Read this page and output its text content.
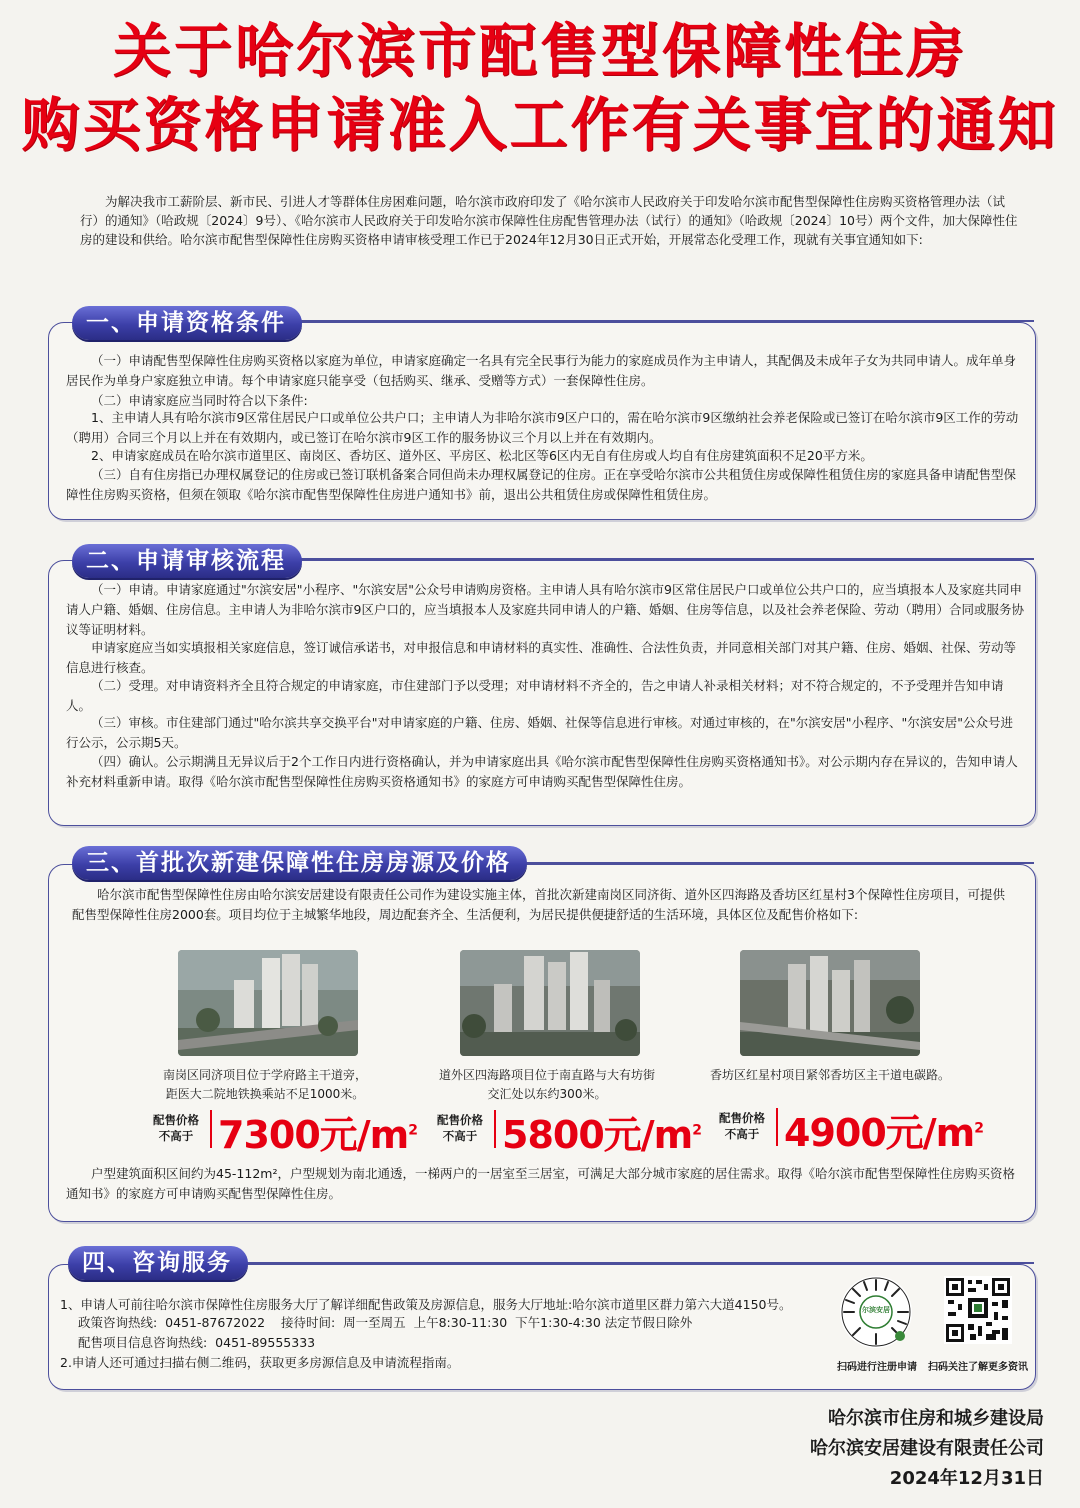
关于哈尔滨市配售型保障性住房
购买资格申请准入工作有关事宜的通知
为解决我市工薪阶层、新市民、引进人才等群体住房困难问题，哈尔滨市政府印发了《哈尔滨市人民政府关于印发哈尔滨市配售型保障性住房购买资格管理办法（试行）的通知》（哈政规〔2024〕9号）、《哈尔滨市人民政府关于印发哈尔滨市保障性住房配售管理办法（试行）的通知》（哈政规〔2024〕10号）两个文件，加大保障性住房的建设和供给。哈尔滨市配售型保障性住房购买资格申请审核受理工作已于2024年12月30日正式开始，开展常态化受理工作，现就有关事宜通知如下:
一、申请资格条件
（一）申请配售型保障性住房购买资格以家庭为单位，申请家庭确定一名具有完全民事行为能力的家庭成员作为主申请人，其配偶及未成年子女为共同申请人。成年单身居民作为单身户家庭独立申请。每个申请家庭只能享受（包括购买、继承、受赠等方式）一套保障性住房。
（二）申请家庭应当同时符合以下条件:
1、主申请人具有哈尔滨市9区常住居民户口或单位公共户口；主申请人为非哈尔滨市9区户口的，需在哈尔滨市9区缴纳社会养老保险或已签订在哈尔滨市9区工作的劳动（聘用）合同三个月以上并在有效期内，或已签订在哈尔滨市9区工作的服务协议三个月以上并在有效期内。
2、申请家庭成员在哈尔滨市道里区、南岗区、香坊区、道外区、平房区、松北区等6区内无自有住房或人均自有住房建筑面积不足20平方米。
（三）自有住房指已办理权属登记的住房或已签订联机备案合同但尚未办理权属登记的住房。正在享受哈尔滨市公共租赁住房或保障性租赁住房的家庭具备申请配售型保障性住房购买资格，但须在领取《哈尔滨市配售型保障性住房进户通知书》前，退出公共租赁住房或保障性租赁住房。
二、申请审核流程
（一）申请。申请家庭通过"尔滨安居"小程序、"尔滨安居"公众号申请购房资格。主申请人具有哈尔滨市9区常住居民户口或单位公共户口的，应当填报本人及家庭共同申请人户籍、婚姻、住房信息。主申请人为非哈尔滨市9区户口的，应当填报本人及家庭共同申请人的户籍、婚姻、住房等信息，以及社会养老保险、劳动（聘用）合同或服务协议等证明材料。
申请家庭应当如实填报相关家庭信息，签订诚信承诺书，对申报信息和申请材料的真实性、准确性、合法性负责，并同意相关部门对其户籍、住房、婚姻、社保、劳动等信息进行核查。
（二）受理。对申请资料齐全且符合规定的申请家庭，市住建部门予以受理；对申请材料不齐全的，告之申请人补录相关材料；对不符合规定的，不予受理并告知申请人。
（三）审核。市住建部门通过"哈尔滨共享交换平台"对申请家庭的户籍、住房、婚姻、社保等信息进行审核。对通过审核的，在"尔滨安居"小程序、"尔滨安居"公众号进行公示，公示期5天。
（四）确认。公示期满且无异议后于2个工作日内进行资格确认，并为申请家庭出具《哈尔滨市配售型保障性住房购买资格通知书》。对公示期内存在异议的，告知申请人补充材料重新申请。取得《哈尔滨市配售型保障性住房购买资格通知书》的家庭方可申请购买配售型保障性住房。
三、首批次新建保障性住房房源及价格
哈尔滨市配售型保障性住房由哈尔滨安居建设有限责任公司作为建设实施主体，首批次新建南岗区同济街、道外区四海路及香坊区红星村3个保障性住房项目，可提供配售型保障性住房2000套。项目均位于主城繁华地段，周边配套齐全、生活便利，为居民提供便捷舒适的生活环境，具体区位及配售价格如下:
南岗区同济项目位于学府路主干道旁，
距医大二院地铁换乘站不足1000米。
配售价格
不高于 7300元$/m^2$
道外区四海路项目位于南直路与大有坊街
交汇处以东约300米。
配售价格
不高于 5800元$/m^2$
香坊区红星村项目紧邻香坊区主干道电碳路。
配售价格
不高于 4900元$/m^2$
户型建筑面积区间约为45-112m²，户型规划为南北通透，一梯两户的一居室至三居室，可满足大部分城市家庭的居住需求。取得《哈尔滨市配售型保障性住房购买资格通知书》的家庭方可申请购买配售型保障性住房。
四、咨询服务
1、申请人可前往哈尔滨市保障性住房服务大厅了解详细配售政策及房源信息，服务大厅地址:哈尔滨市道里区群力第六大道4150号。
政策咨询热线:  0451-87672022    接待时间:  周一至周五  上午8:30-11:30  下午1:30-4:30 法定节假日除外
配售项目信息咨询热线:  0451-89555333
2.申请人还可通过扫描右侧二维码，获取更多房源信息及申请流程指南。
尔滨安居
扫码进行注册申请	扫码关注了解更多资讯
哈尔滨市住房和城乡建设局
哈尔滨安居建设有限责任公司
2024年12月31日
